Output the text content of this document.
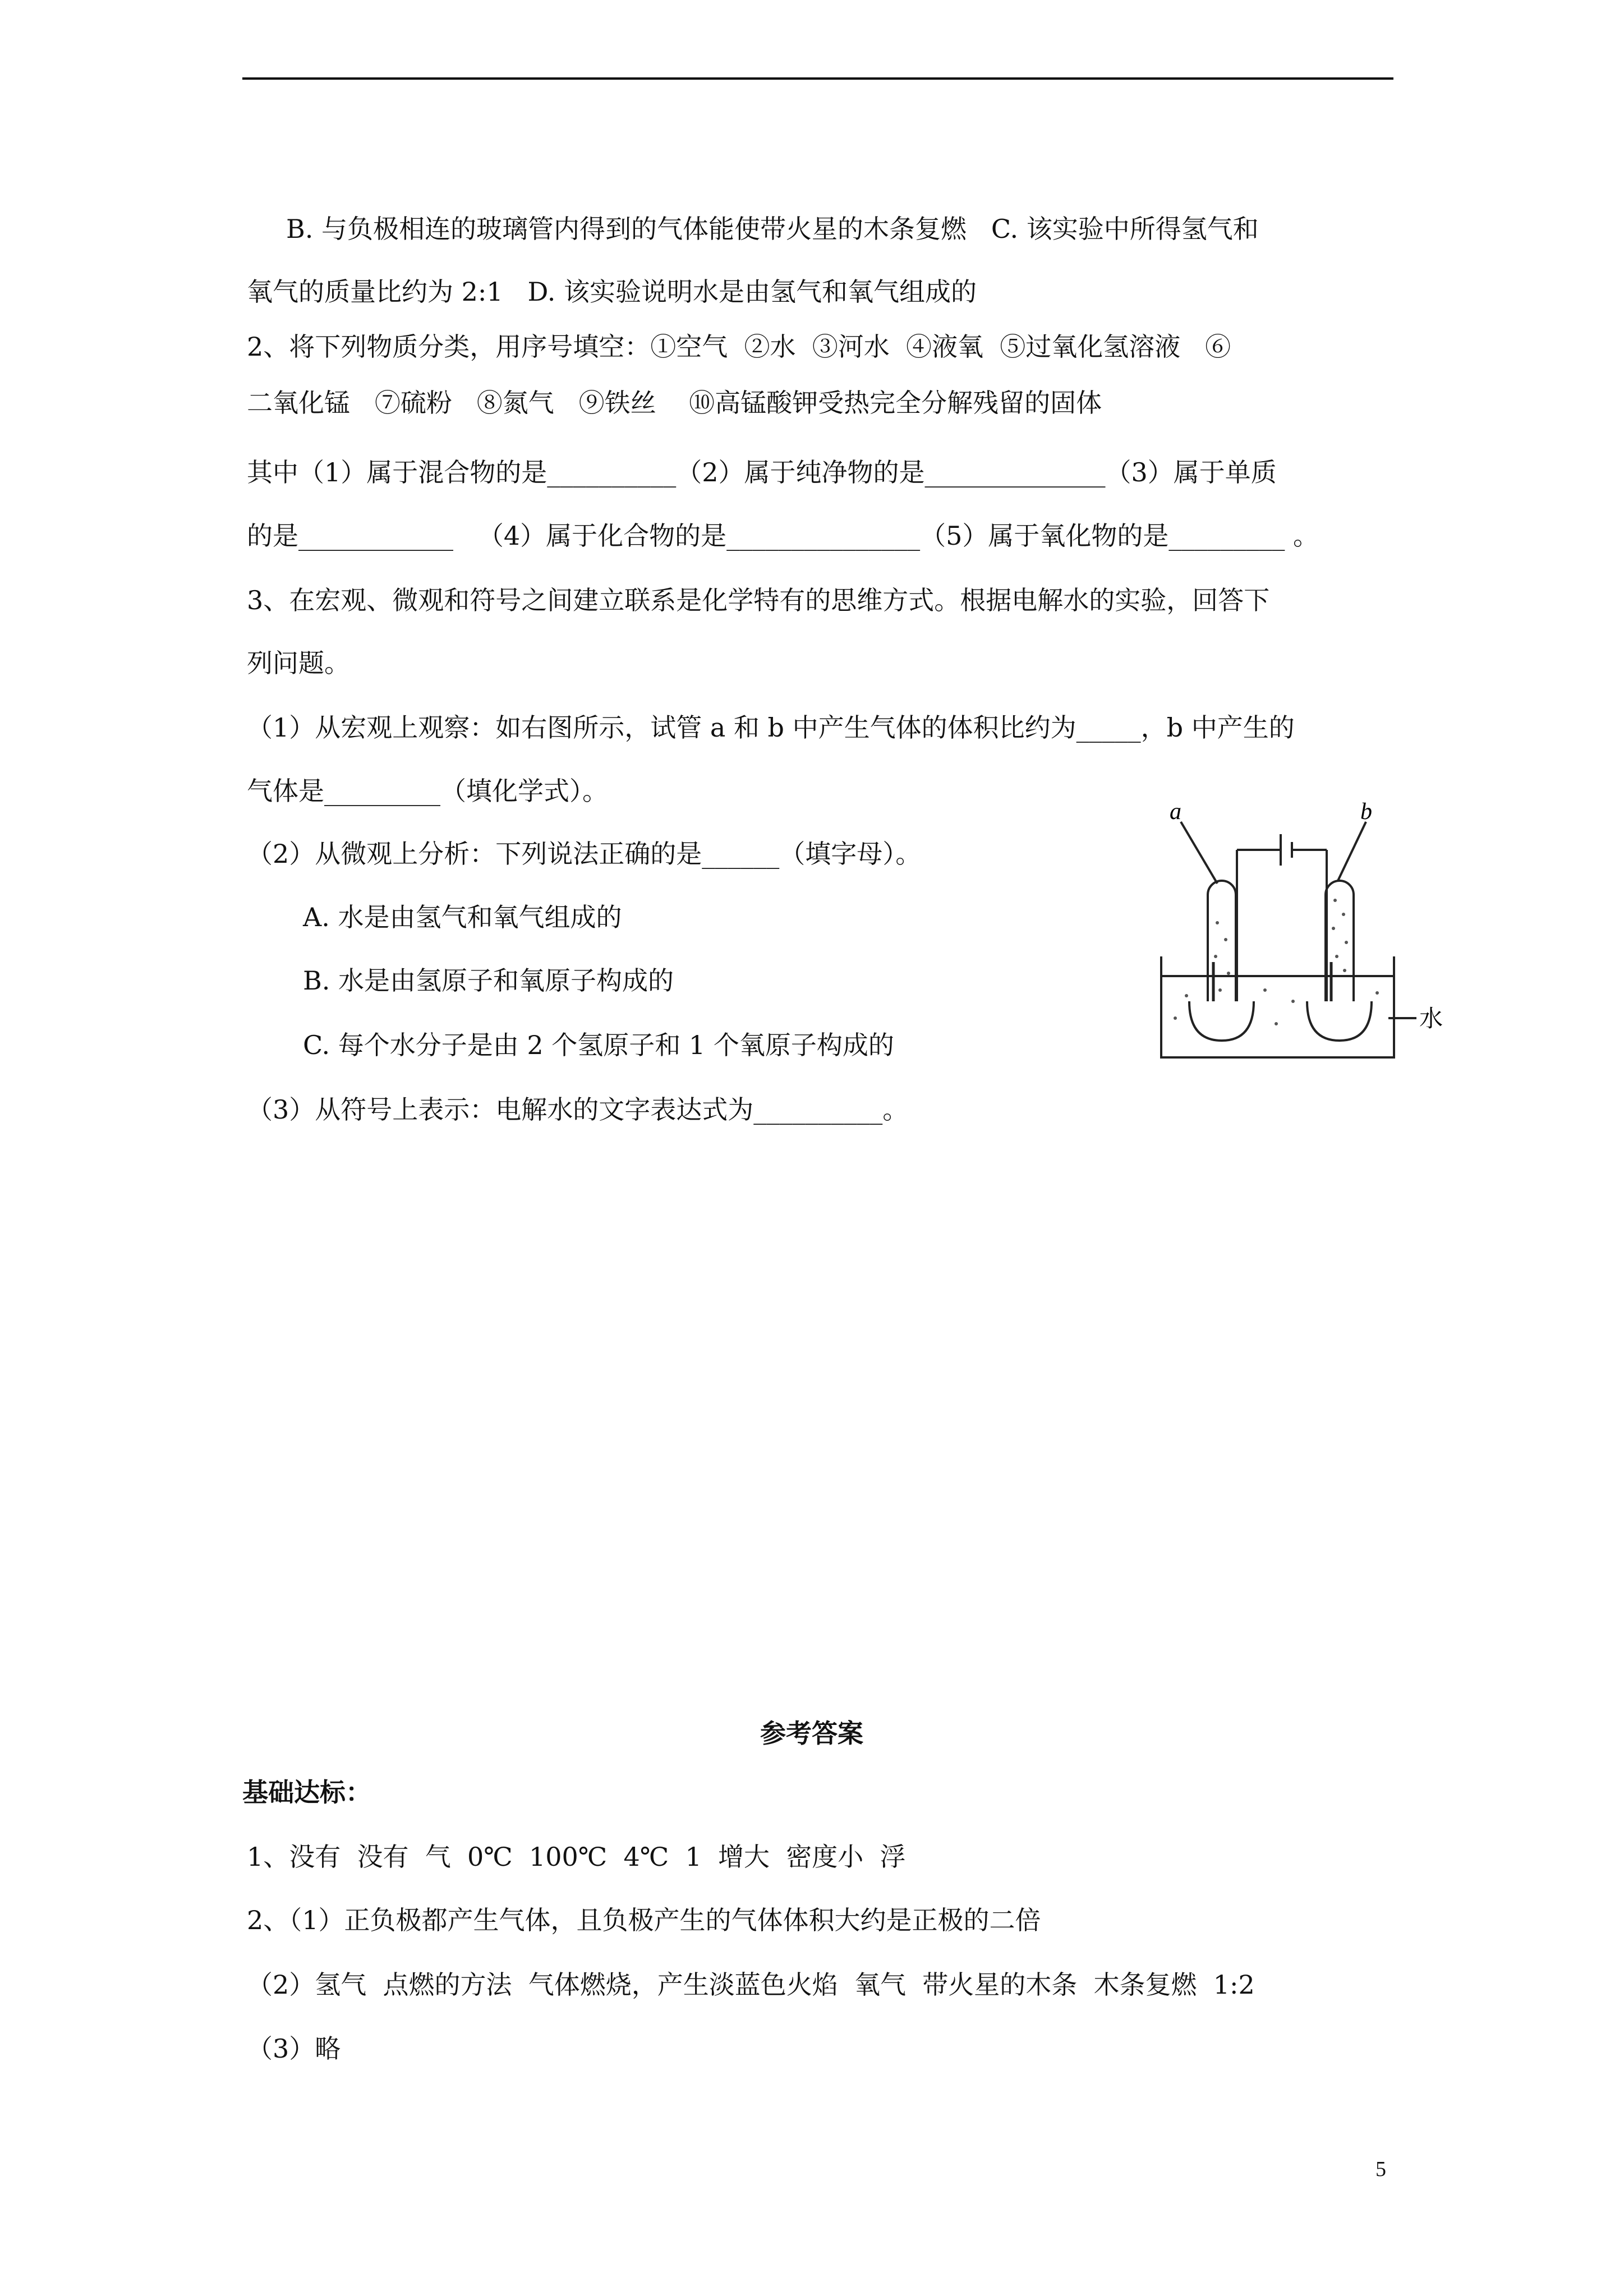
B. 与负极相连的玻璃管内得到的气体能使带火星的木条复燃   C. 该实验中所得氢气和
氧气的质量比约为 2:1   D. 该实验说明水是由氢气和氧气组成的
2、将下列物质分类，用序号填空：①空气  ②水  ③河水  ④液氧  ⑤过氧化氢溶液   ⑥
二氧化锰   ⑦硫粉   ⑧氮气   ⑨铁丝    ⑩高锰酸钾受热完全分解残留的固体
其中（1）属于混合物的是__________（2）属于纯净物的是______________（3）属于单质
的是____________   （4）属于化合物的是_______________（5）属于氧化物的是_________ 。
3、在宏观、微观和符号之间建立联系是化学特有的思维方式。根据电解水的实验，回答下
列问题。
（1）从宏观上观察：如右图所示，试管 a 和 b 中产生气体的体积比约为_____，b 中产生的
气体是_________（填化学式）。
（2）从微观上分析：下列说法正确的是______（填字母）。
A. 水是由氢气和氧气组成的
B. 水是由氢原子和氧原子构成的
C. 每个水分子是由 2 个氢原子和 1 个氧原子构成的
（3）从符号上表示：电解水的文字表达式为__________。
a	b
水
参考答案
基础达标：
1、没有  没有  气  0℃  100℃  4℃  1  增大  密度小  浮
2、（1）正负极都产生气体，且负极产生的气体体积大约是正极的二倍
（2）氢气  点燃的方法  气体燃烧，产生淡蓝色火焰  氧气  带火星的木条  木条复燃  1:2
（3）略
5
